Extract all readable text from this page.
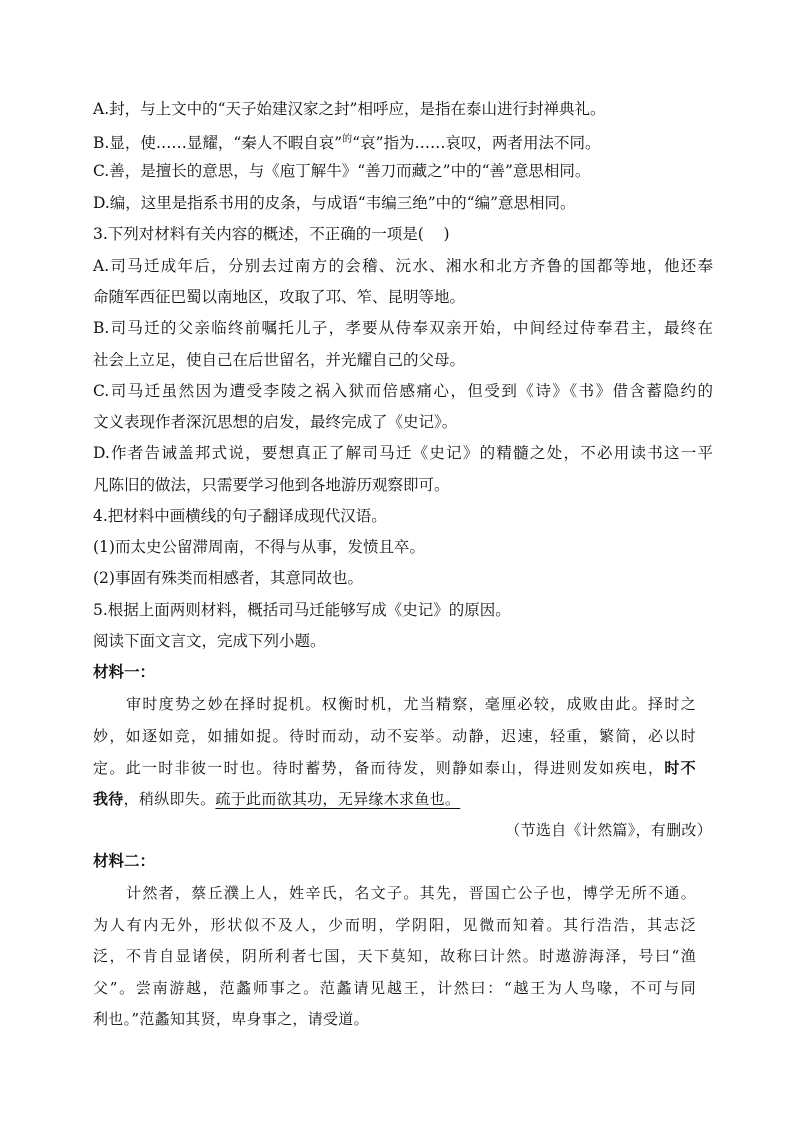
A.封，与上文中的“天子始建汉家之封”相呼应，是指在泰山进行封禅典礼。
B.显，使……显耀，“秦人不暇自哀”$^的$“哀”指为……哀叹，两者用法不同。
C.善，是擅长的意思，与《庖丁解牛》“善刀而藏之”中的“善”意思相同。
D.编，这里是指系书用的皮条，与成语“韦编三绝”中的“编”意思相同。
3.下列对材料有关内容的概述，不正确的一项是(    )
A.司马迁成年后，分别去过南方的会稽、沅水、湘水和北方齐鲁的国都等地，他还奉
命随军西征巴蜀以南地区，攻取了邛、笮、昆明等地。
B.司马迁的父亲临终前嘱托儿子，孝要从侍奉双亲开始，中间经过侍奉君主，最终在
社会上立足，使自己在后世留名，并光耀自己的父母。
C.司马迁虽然因为遭受李陵之祸入狱而倍感痛心，但受到《诗》《书》借含蓄隐约的
文义表现作者深沉思想的启发，最终完成了《史记》。
D.作者告诫盖邦式说，要想真正了解司马迁《史记》的精髓之处，不必用读书这一平
凡陈旧的做法，只需要学习他到各地游历观察即可。
4.把材料中画横线的句子翻译成现代汉语。
(1)而太史公留滞周南，不得与从事，发愤且卒。
(2)事固有殊类而相感者，其意同故也。
5.根据上面两则材料，概括司马迁能够写成《史记》的原因。
阅读下面文言文，完成下列小题。
材料一：
审时度势之妙在择时捉机。权衡时机，尤当精察，毫厘必较，成败由此。择时之
妙，如逐如竞，如捕如捉。待时而动，动不妄举。动静，迟速，轻重，繁简，必以时
定。此一时非彼一时也。待时蓄势，备而待发，则静如泰山，得进则发如疾电，时不
我待，稍纵即失。疏于此而欲其功，无异缘木求鱼也。
（节选自《计然篇》，有删改）
材料二：
计然者，蔡丘濮上人，姓辛氏，名文子。其先，晋国亡公子也，博学无所不通。
为人有内无外，形状似不及人，少而明，学阴阳，见微而知着。其行浩浩，其志泛
泛，不肯自显诸侯，阴所利者七国，天下莫知，故称曰计然。时遨游海泽，号曰“渔
父”。尝南游越，范蠡师事之。范蠡请见越王，计然曰：“越王为人鸟喙，不可与同
利也。”范蠡知其贤，卑身事之，请受道。
